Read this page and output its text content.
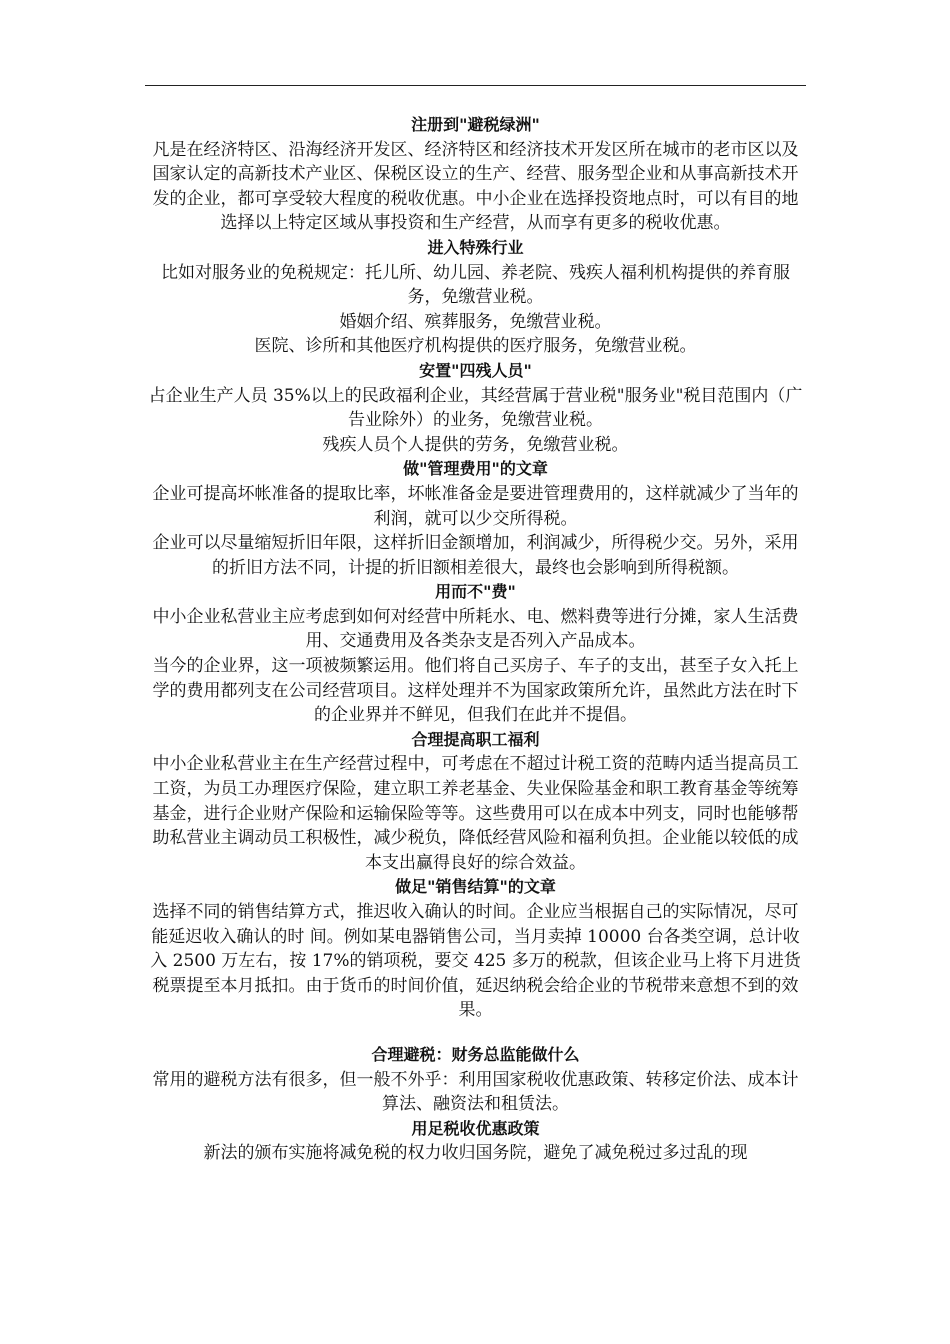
注册到"避税绿洲"

凡是在经济特区、沿海经济开发区、经济特区和经济技术开发区所在城市的老市区以及国家认定的高新技术产业区、保税区设立的生产、经营、服务型企业和从事高新技术开发的企业，都可享受较大程度的税收优惠。中小企业在选择投资地点时，可以有目的地选择以上特定区域从事投资和生产经营，从而享有更多的税收优惠。

进入特殊行业

比如对服务业的免税规定：托儿所、幼儿园、养老院、残疾人福利机构提供的养育服务，免缴营业税。

婚姻介绍、殡葬服务，免缴营业税。

医院、诊所和其他医疗机构提供的医疗服务，免缴营业税。

安置"四残人员"

占企业生产人员 35%以上的民政福利企业，其经营属于营业税"服务业"税目范围内（广告业除外）的业务，免缴营业税。

残疾人员个人提供的劳务，免缴营业税。

做"管理费用"的文章

企业可提高坏帐准备的提取比率，坏帐准备金是要进管理费用的，这样就减少了当年的利润，就可以少交所得税。

企业可以尽量缩短折旧年限，这样折旧金额增加，利润减少，所得税少交。另外，采用的折旧方法不同，计提的折旧额相差很大，最终也会影响到所得税额。

用而不"费"

中小企业私营业主应考虑到如何对经营中所耗水、电、燃料费等进行分摊，家人生活费用、交通费用及各类杂支是否列入产品成本。

当今的企业界，这一项被频繁运用。他们将自己买房子、车子的支出，甚至子女入托上学的费用都列支在公司经营项目。这样处理并不为国家政策所允许，虽然此方法在时下的企业界并不鲜见，但我们在此并不提倡。

合理提高职工福利

中小企业私营业主在生产经营过程中，可考虑在不超过计税工资的范畴内适当提高员工工资，为员工办理医疗保险，建立职工养老基金、失业保险基金和职工教育基金等统筹基金，进行企业财产保险和运输保险等等。这些费用可以在成本中列支，同时也能够帮助私营业主调动员工积极性，减少税负，降低经营风险和福利负担。企业能以较低的成本支出赢得良好的综合效益。

做足"销售结算"的文章

选择不同的销售结算方式，推迟收入确认的时间。企业应当根据自己的实际情况，尽可能延迟收入确认的时 间。例如某电器销售公司，当月卖掉 10000 台各类空调，总计收入 2500 万左右，按 17%的销项税，要交 425 多万的税款，但该企业马上将下月进货税票提至本月抵扣。由于货币的时间价值，延迟纳税会给企业的节税带来意想不到的效果。

合理避税：财务总监能做什么

常用的避税方法有很多，但一般不外乎：利用国家税收优惠政策、转移定价法、成本计算法、融资法和租赁法。

用足税收优惠政策

新法的颁布实施将减免税的权力收归国务院，避免了减免税过多过乱的现
